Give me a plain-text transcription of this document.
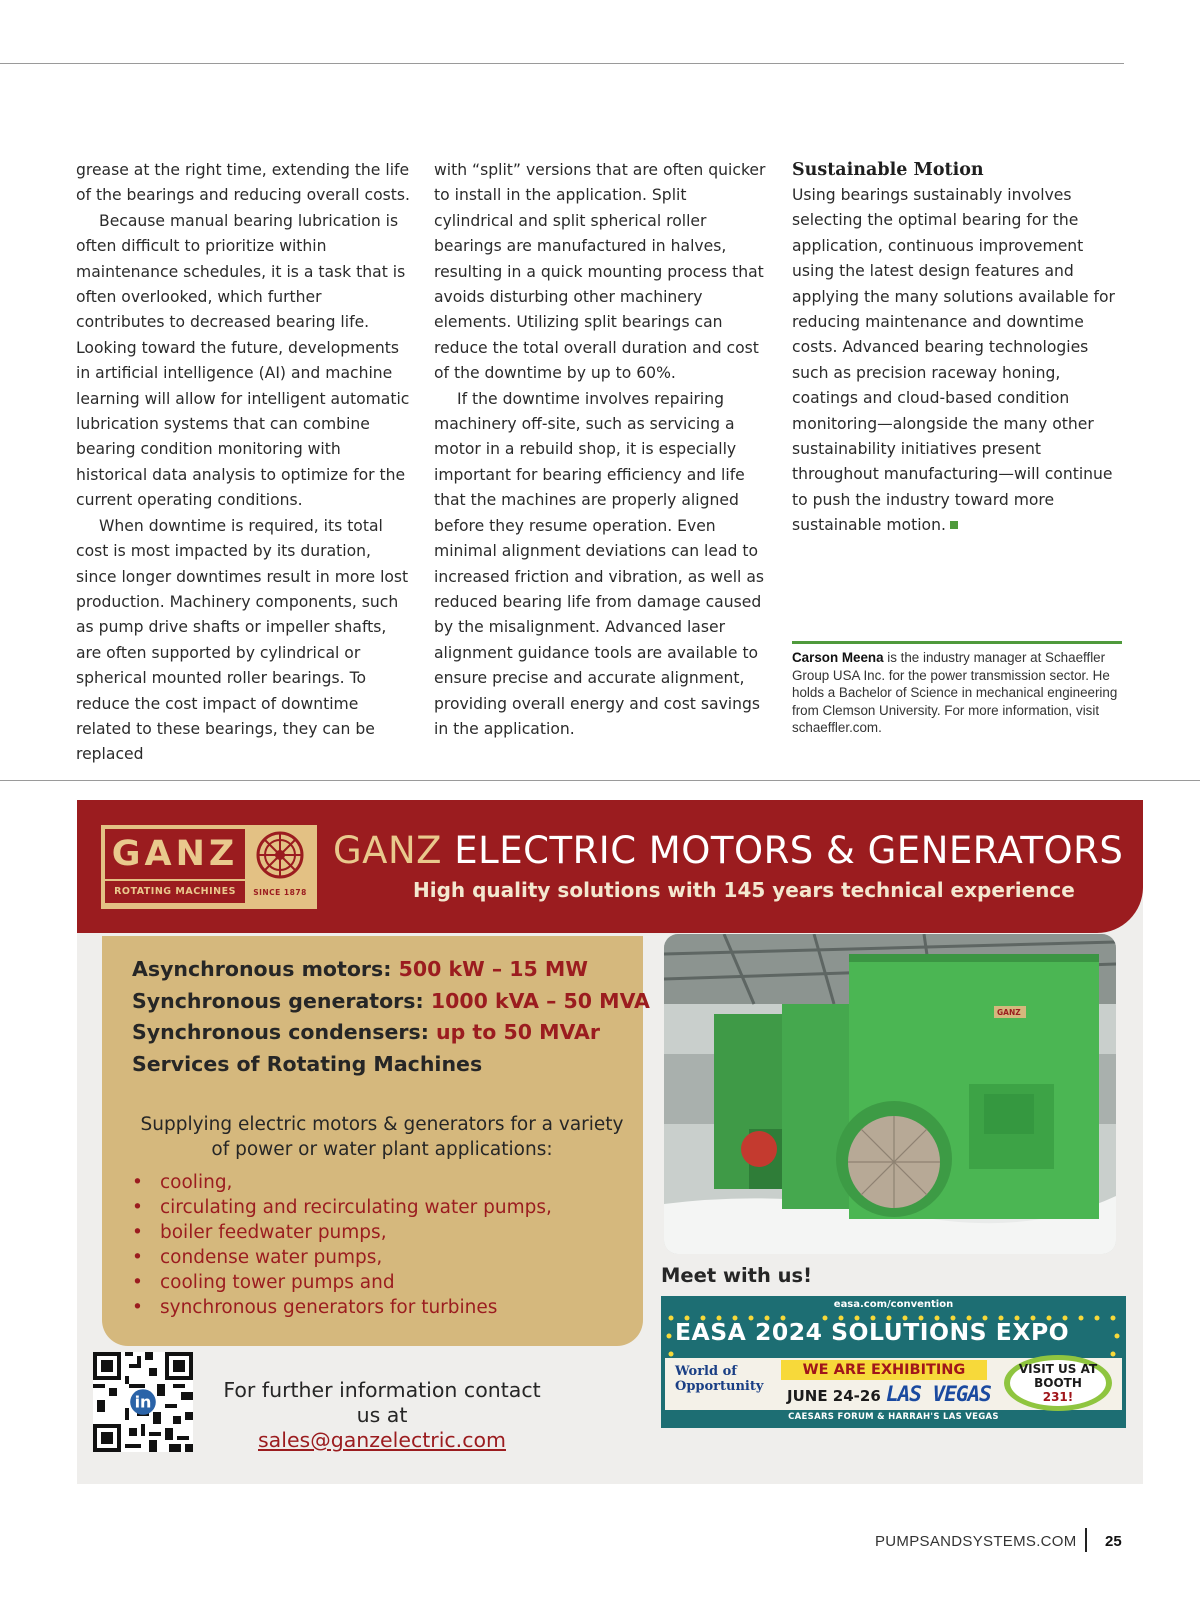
grease at the right time, extending the life of the bearings and reducing overall costs.

Because manual bearing lubrication is often difficult to prioritize within maintenance schedules, it is a task that is often overlooked, which further contributes to decreased bearing life. Looking toward the future, developments in artificial intelligence (AI) and machine learning will allow for intelligent automatic lubrication systems that can combine bearing condition monitoring with historical data analysis to optimize for the current operating conditions.

When downtime is required, its total cost is most impacted by its duration, since longer downtimes result in more lost production. Machinery components, such as pump drive shafts or impeller shafts, are often supported by cylindrical or spherical mounted roller bearings. To reduce the cost impact of downtime related to these bearings, they can be replaced

with “split” versions that are often quicker to install in the application. Split cylindrical and split spherical roller bearings are manufactured in halves, resulting in a quick mounting process that avoids disturbing other machinery elements. Utilizing split bearings can reduce the total overall duration and cost of the downtime by up to 60%.

If the downtime involves repairing machinery off-site, such as servicing a motor in a rebuild shop, it is especially important for bearing efficiency and life that the machines are properly aligned before they resume operation. Even minimal alignment deviations can lead to increased friction and vibration, as well as reduced bearing life from damage caused by the misalignment. Advanced laser alignment guidance tools are available to ensure precise and accurate alignment, providing overall energy and cost savings in the application.

Sustainable Motion

Using bearings sustainably involves selecting the optimal bearing for the application, continuous improvement using the latest design features and applying the many solutions available for reducing maintenance and downtime costs. Advanced bearing technologies such as precision raceway honing, coatings and cloud-based condition monitoring—alongside the many other sustainability initiatives present throughout manufacturing—will continue to push the industry toward more sustainable motion.

Carson Meena is the industry manager at Schaeffler Group USA Inc. for the power transmission sector. He holds a Bachelor of Science in mechanical engineering from Clemson University. For more information, visit schaeffler.com.
GANZ
ROTATING MACHINES	SINCE 1878
GANZ ELECTRIC MOTORS & GENERATORS
High quality solutions with 145 years technical experience
Asynchronous motors: 500 kW – 15 MW
Synchronous generators: 1000 kVA – 50 MVA
Synchronous condensers: up to 50 MVAr
Services of Rotating Machines
Supplying electric motors & generators for a variety
of power or water plant applications:
• cooling,
• circulating and recirculating water pumps,
• boiler feedwater pumps,
• condense water pumps,
• cooling tower pumps and
• synchronous generators for turbines
GANZ
Meet with us!
easa.com/convention
EASA 2024 SOLUTIONS EXPO
World of
Opportunity
WE ARE EXHIBITING
JUNE 24-26 LAS VEGAS
VISIT US AT
BOOTH
231!
CAESARS FORUM & HARRAH'S LAS VEGAS
in
For further information contact us at
sales@ganzelectric.com
PUMPSANDSYSTEMS.COM 25
